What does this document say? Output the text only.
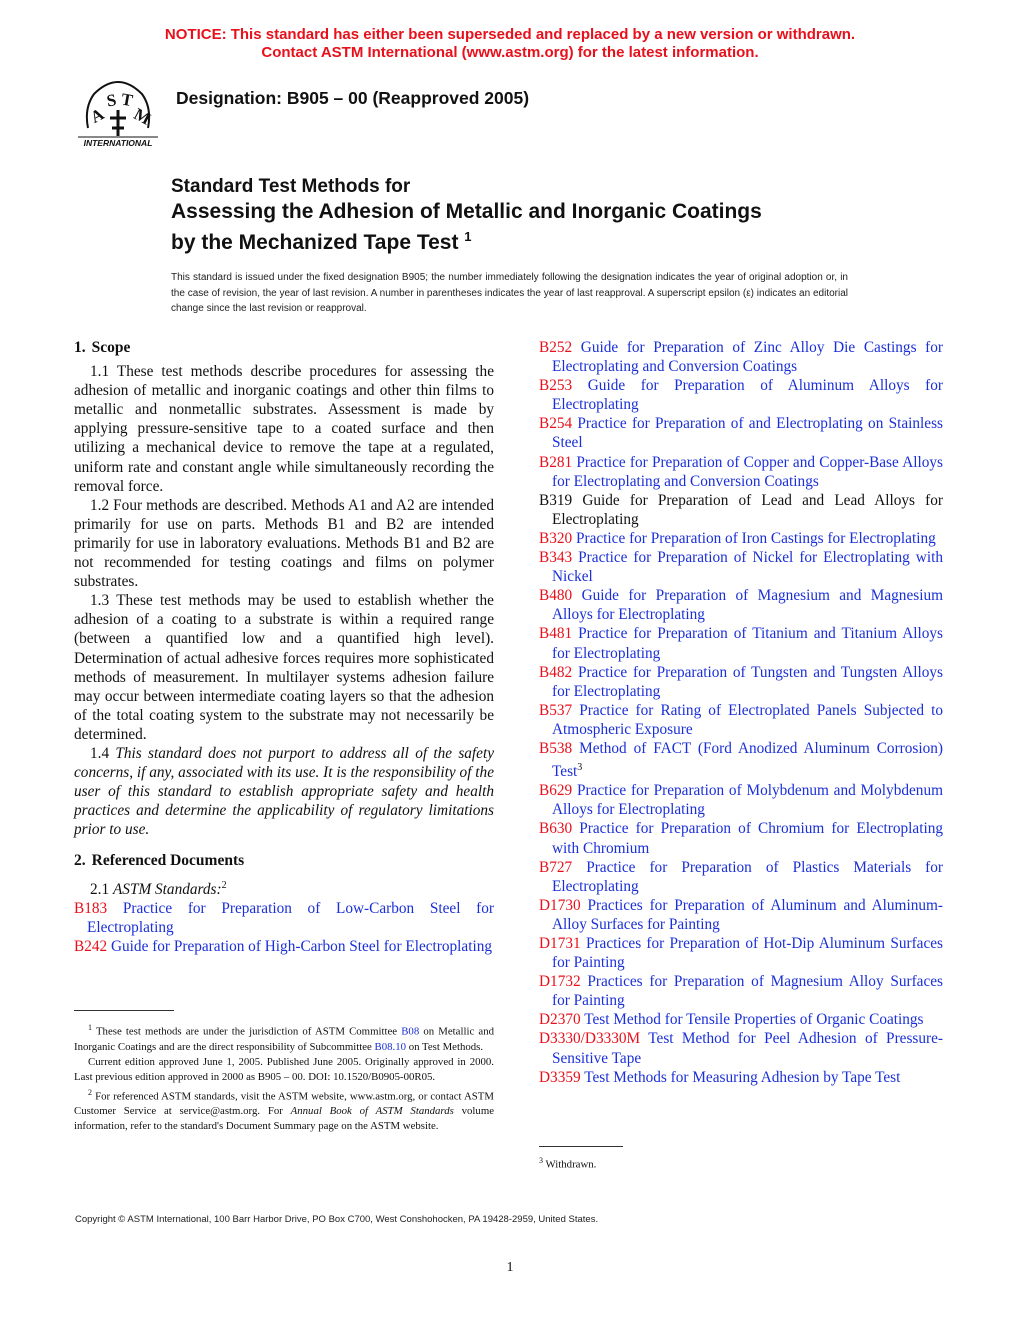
NOTICE: This standard has either been superseded and replaced by a new version or withdrawn.
Contact ASTM International (www.astm.org) for the latest information.
A
S T
M
INTERNATIONAL
Designation: B905 – 00 (Reapproved 2005)
Standard Test Methods for
Assessing the Adhesion of Metallic and Inorganic Coatings
by the Mechanized Tape Test $^1$
This standard is issued under the fixed designation B905; the number immediately following the designation indicates the year of original adoption or, in the case of revision, the year of last revision. A number in parentheses indicates the year of last reapproval. A superscript epsilon (ε) indicates an editorial change since the last revision or reapproval.
1. Scope

1.1 These test methods describe procedures for assessing the adhesion of metallic and inorganic coatings and other thin films to metallic and nonmetallic substrates. Assessment is made by applying pressure-sensitive tape to a coated surface and then utilizing a mechanical device to remove the tape at a regulated, uniform rate and constant angle while simultaneously recording the removal force.

1.2 Four methods are described. Methods A1 and A2 are intended primarily for use on parts. Methods B1 and B2 are intended primarily for use in laboratory evaluations. Methods B1 and B2 are not recommended for testing coatings and films on polymer substrates.

1.3 These test methods may be used to establish whether the adhesion of a coating to a substrate is within a required range (between a quantified low and a quantified high level). Determination of actual adhesive forces requires more sophisticated methods of measurement. In multilayer systems adhesion failure may occur between intermediate coating layers so that the adhesion of the total coating system to the substrate may not necessarily be determined.

1.4 This standard does not purport to address all of the safety concerns, if any, associated with its use. It is the responsibility of the user of this standard to establish appropriate safety and health practices and determine the applicability of regulatory limitations prior to use.

2. Referenced Documents

2.1 ASTM Standards:$^2$

B183 Practice for Preparation of Low-Carbon Steel for Electroplating

B242 Guide for Preparation of High-Carbon Steel for Electroplating

B252 Guide for Preparation of Zinc Alloy Die Castings for Electroplating and Conversion Coatings

B253 Guide for Preparation of Aluminum Alloys for Electroplating

B254 Practice for Preparation of and Electroplating on Stainless Steel

B281 Practice for Preparation of Copper and Copper-Base Alloys for Electroplating and Conversion Coatings

B319 Guide for Preparation of Lead and Lead Alloys for Electroplating

B320 Practice for Preparation of Iron Castings for Electroplating

B343 Practice for Preparation of Nickel for Electroplating with Nickel

B480 Guide for Preparation of Magnesium and Magnesium Alloys for Electroplating

B481 Practice for Preparation of Titanium and Titanium Alloys for Electroplating

B482 Practice for Preparation of Tungsten and Tungsten Alloys for Electroplating

B537 Practice for Rating of Electroplated Panels Subjected to Atmospheric Exposure

B538 Method of FACT (Ford Anodized Aluminum Corrosion) Test$^3$

B629 Practice for Preparation of Molybdenum and Molybdenum Alloys for Electroplating

B630 Practice for Preparation of Chromium for Electroplating with Chromium

B727 Practice for Preparation of Plastics Materials for Electroplating

D1730 Practices for Preparation of Aluminum and Aluminum-Alloy Surfaces for Painting

D1731 Practices for Preparation of Hot-Dip Aluminum Surfaces for Painting

D1732 Practices for Preparation of Magnesium Alloy Surfaces for Painting

D2370 Test Method for Tensile Properties of Organic Coatings

D3330/D3330M Test Method for Peel Adhesion of Pressure-Sensitive Tape

D3359 Test Methods for Measuring Adhesion by Tape Test

$^1$ These test methods are under the jurisdiction of ASTM Committee B08 on Metallic and Inorganic Coatings and are the direct responsibility of Subcommittee B08.10 on Test Methods.

Current edition approved June 1, 2005. Published June 2005. Originally approved in 2000. Last previous edition approved in 2000 as B905 – 00. DOI: 10.1520/B0905-00R05.

$^2$ For referenced ASTM standards, visit the ASTM website, www.astm.org, or contact ASTM Customer Service at service@astm.org. For Annual Book of ASTM Standards volume information, refer to the standard's Document Summary page on the ASTM website.

$^3$ Withdrawn.
Copyright © ASTM International, 100 Barr Harbor Drive, PO Box C700, West Conshohocken, PA 19428-2959, United States.
1
